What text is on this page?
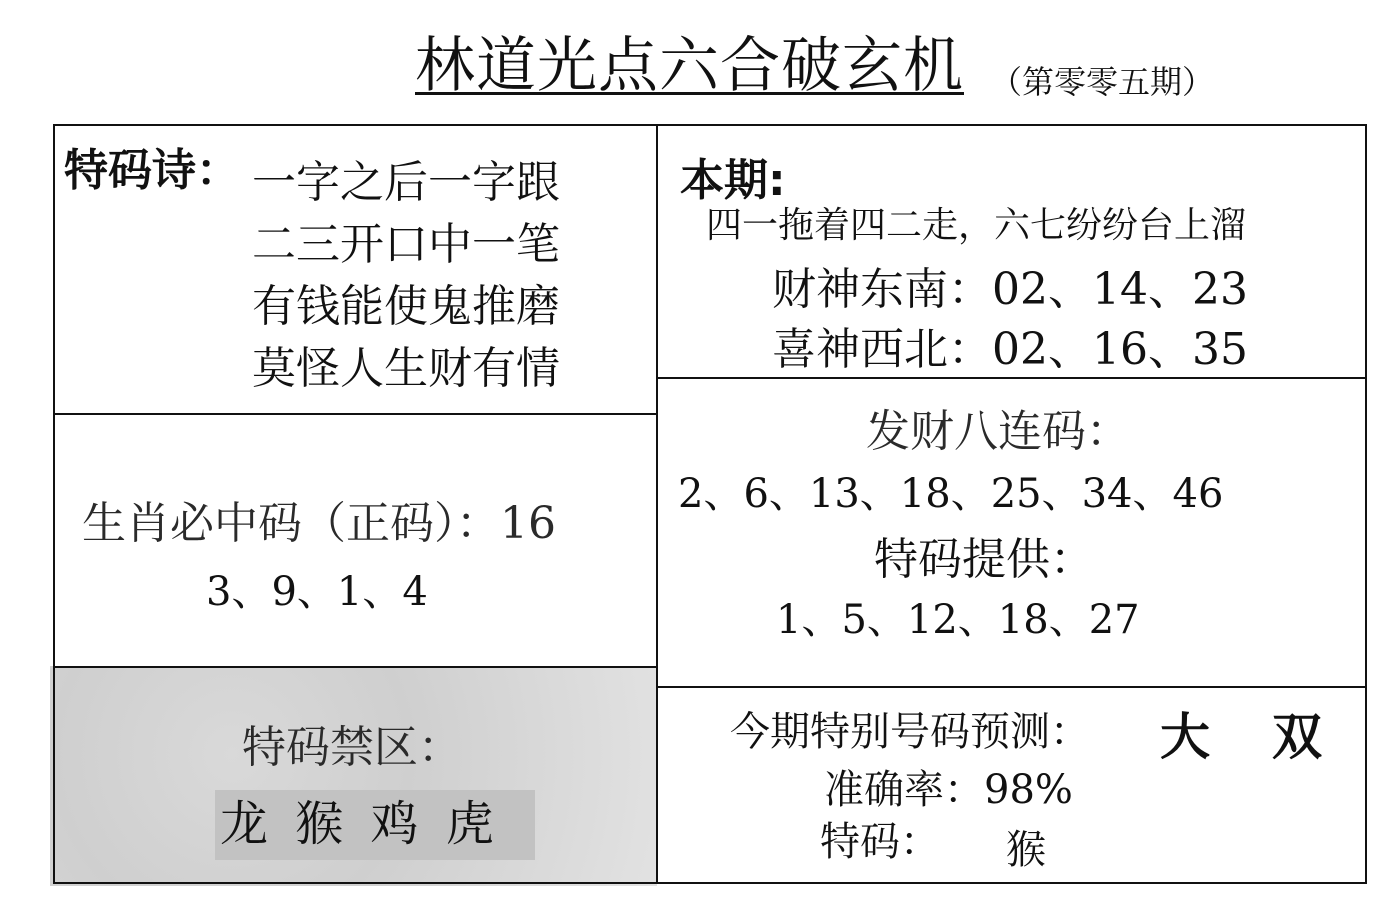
林道光点六合破玄机 （第零零五期）
特码诗： 一字之后一字跟
二三开口中一笔
有钱能使鬼推磨
莫怪人生财有情
本期:
四一拖着四二走，六七纷纷台上溜
财神东南：02、14、23
喜神西北：02、16、35
生肖必中码（正码）：16
3、9、1、4
发财八连码：
2、6、13、18、25、34、46
特码提供：
1、5、12、18、27
特码禁区：
龙 猴 鸡 虎
今期特别号码预测： 大 双
准确率：98%
特码： 猴
